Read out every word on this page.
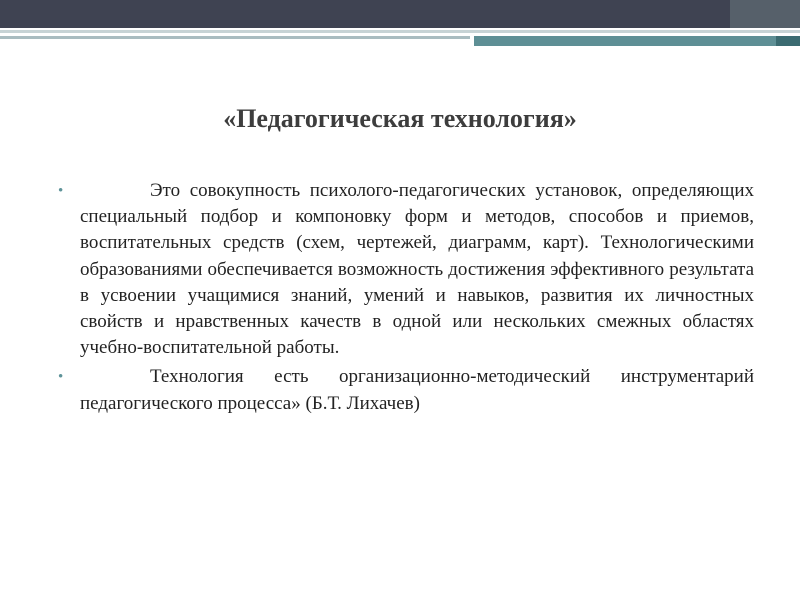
«Педагогическая технология»
•	Это совокупность психолого-педагогических установок, определяющих специальный подбор и компоновку форм и методов, способов и приемов, воспитательных средств (схем, чертежей, диаграмм, карт). Технологическими образованиями обеспечивается возможность достижения эффективного результата в усвоении учащимися знаний, умений и навыков, развития их личностных свойств и нравственных качеств в одной или нескольких смежных областях учебно-воспитательной работы.
•	Технология есть организационно-методический инструментарий педагогического процесса» (Б.Т. Лихачев)
